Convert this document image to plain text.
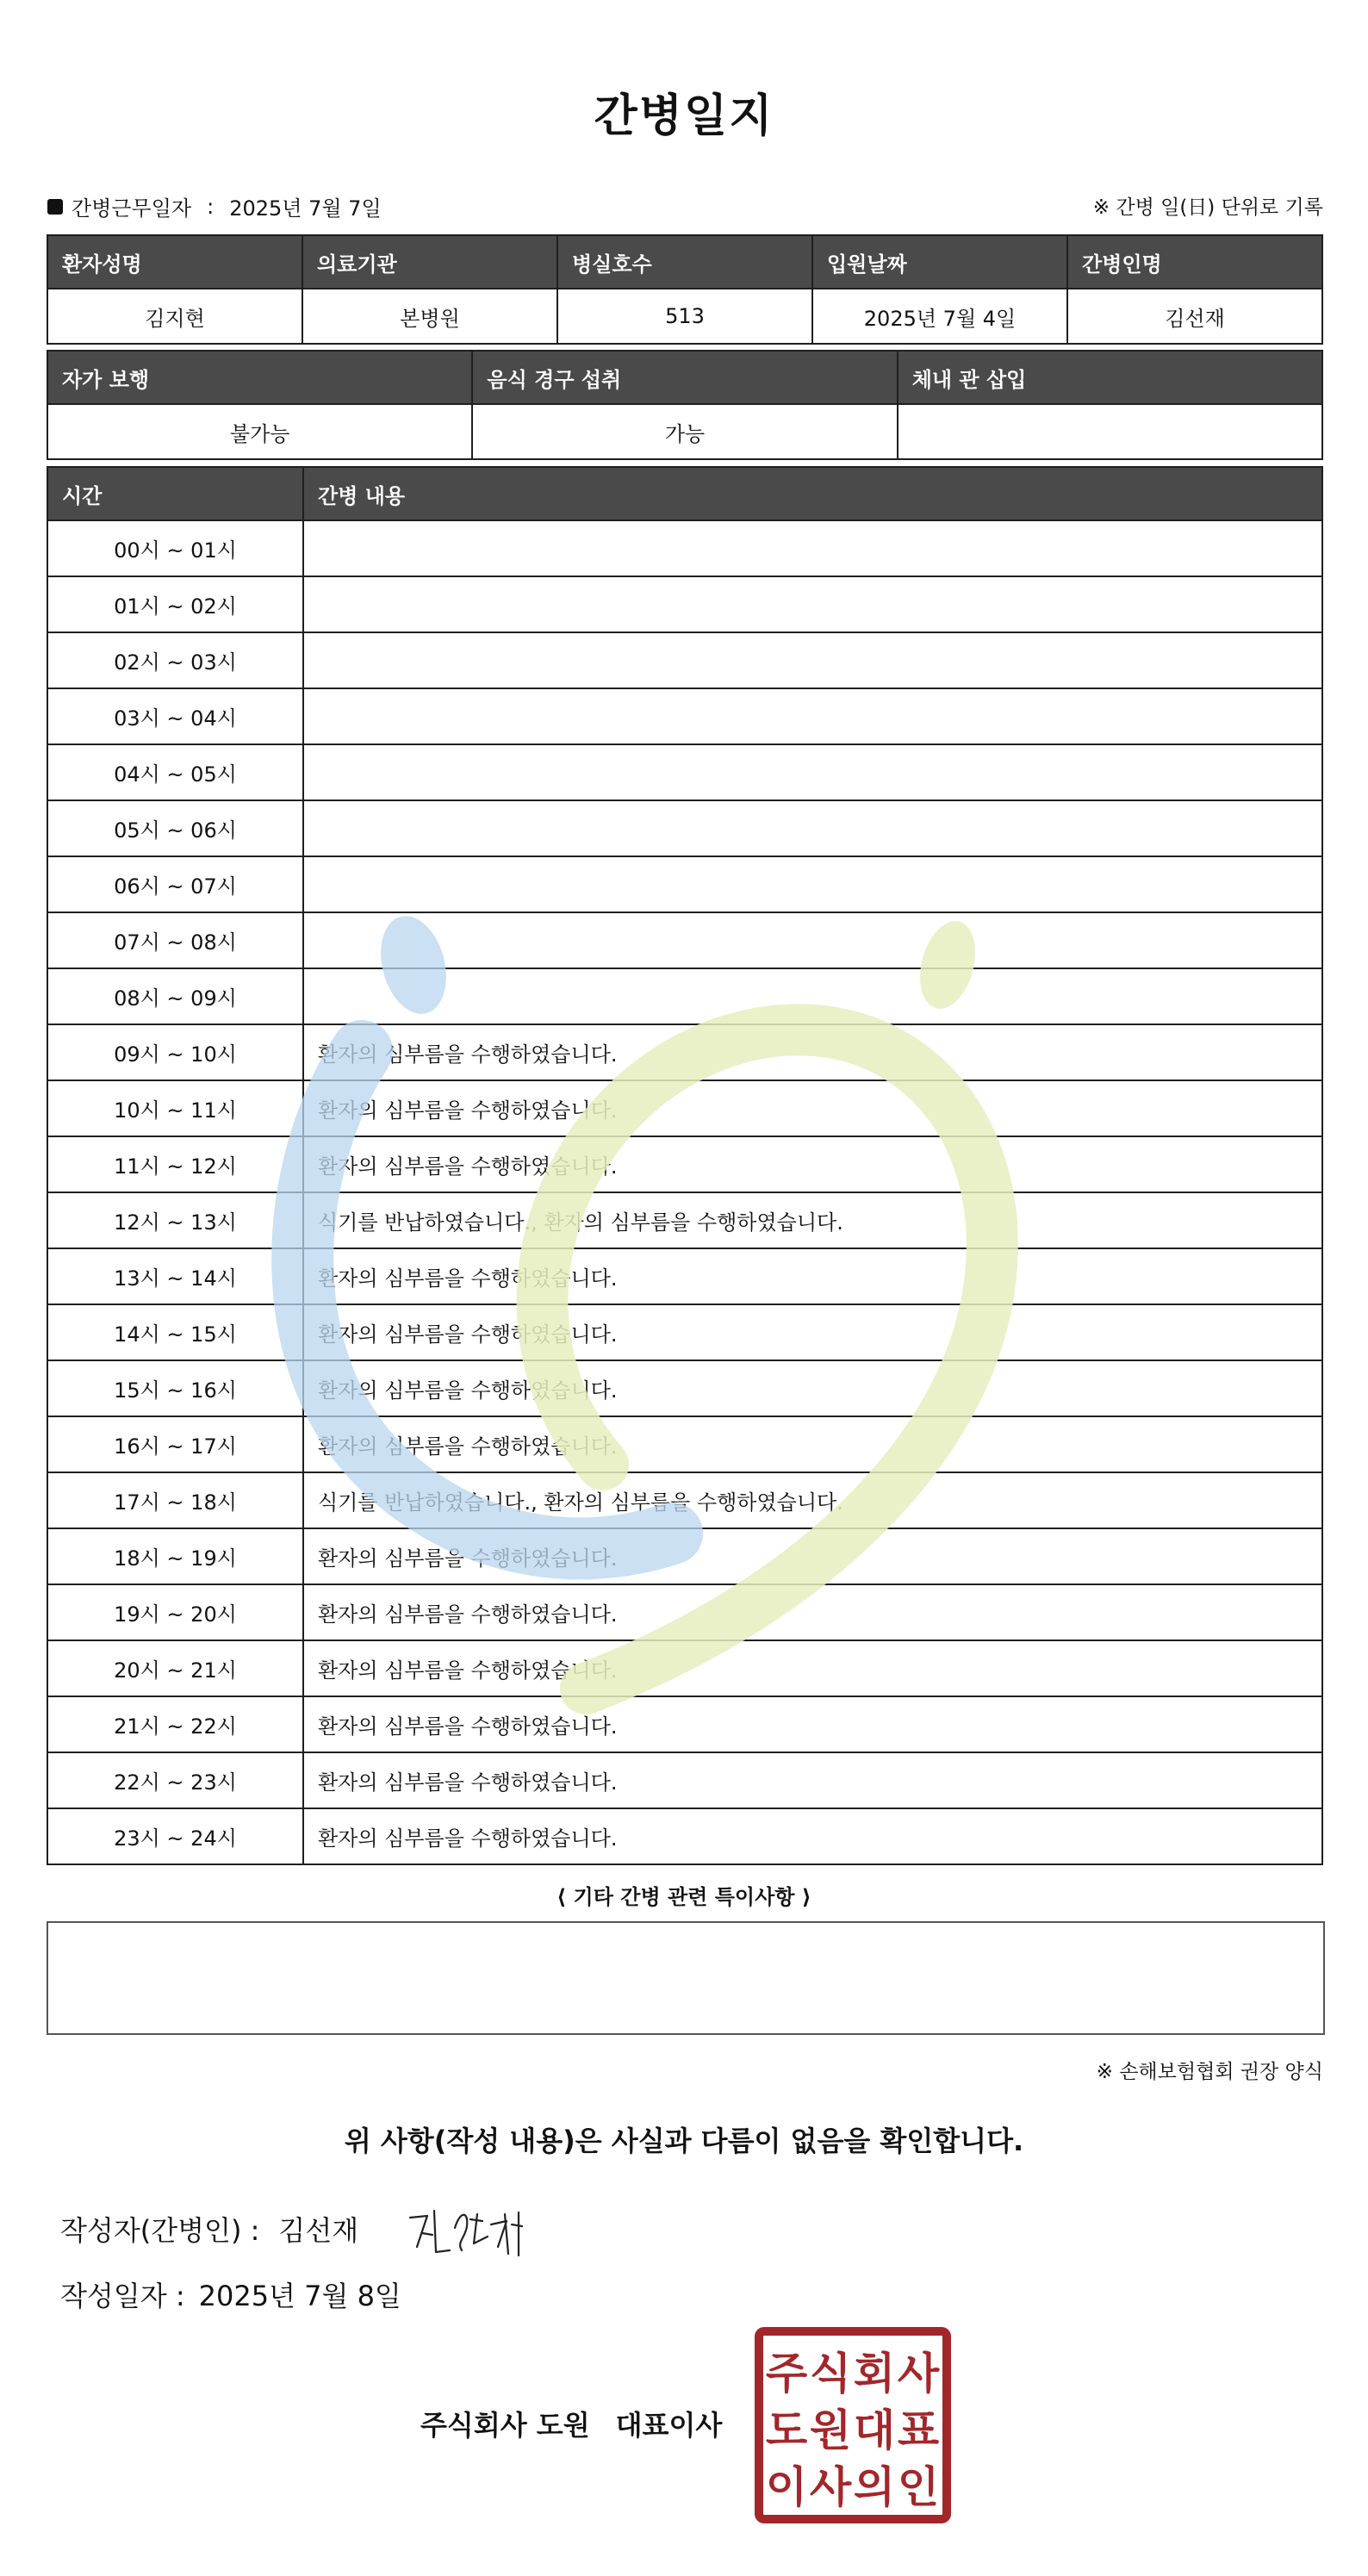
간병일지
간병근무일자 : 2025년 7월 7일	※ 간병 일(日) 단위로 기록
환자성명	의료기관	병실호수	입원날짜	간병인명
김지현	본병원	513	2025년 7월 4일	김선재
자가 보행	음식 경구 섭취	체내 관 삽입
불가능	가능	
시간	간병 내용
00시 ~ 01시	
01시 ~ 02시	
02시 ~ 03시	
03시 ~ 04시	
04시 ~ 05시	
05시 ~ 06시	
06시 ~ 07시	
07시 ~ 08시	
08시 ~ 09시	
09시 ~ 10시	환자의 심부름을 수행하였습니다.
10시 ~ 11시	환자의 심부름을 수행하였습니다.
11시 ~ 12시	환자의 심부름을 수행하였습니다.
12시 ~ 13시	식기를 반납하였습니다., 환자의 심부름을 수행하였습니다.
13시 ~ 14시	환자의 심부름을 수행하였습니다.
14시 ~ 15시	환자의 심부름을 수행하였습니다.
15시 ~ 16시	환자의 심부름을 수행하였습니다.
16시 ~ 17시	환자의 심부름을 수행하였습니다.
17시 ~ 18시	식기를 반납하였습니다., 환자의 심부름을 수행하였습니다.
18시 ~ 19시	환자의 심부름을 수행하였습니다.
19시 ~ 20시	환자의 심부름을 수행하였습니다.
20시 ~ 21시	환자의 심부름을 수행하였습니다.
21시 ~ 22시	환자의 심부름을 수행하였습니다.
22시 ~ 23시	환자의 심부름을 수행하였습니다.
23시 ~ 24시	환자의 심부름을 수행하였습니다.
⟨ 기타 간병 관련 특이사항 ⟩
※ 손해보험협회 권장 양식
위 사항(작성 내용)은 사실과 다름이 없음을 확인합니다.
작성자(간병인) : 김선재
작성일자 : 2025년 7월 8일
주식회사 도원 대표이사
주 식 회 사
도 원 대 표
이 사 의 인
